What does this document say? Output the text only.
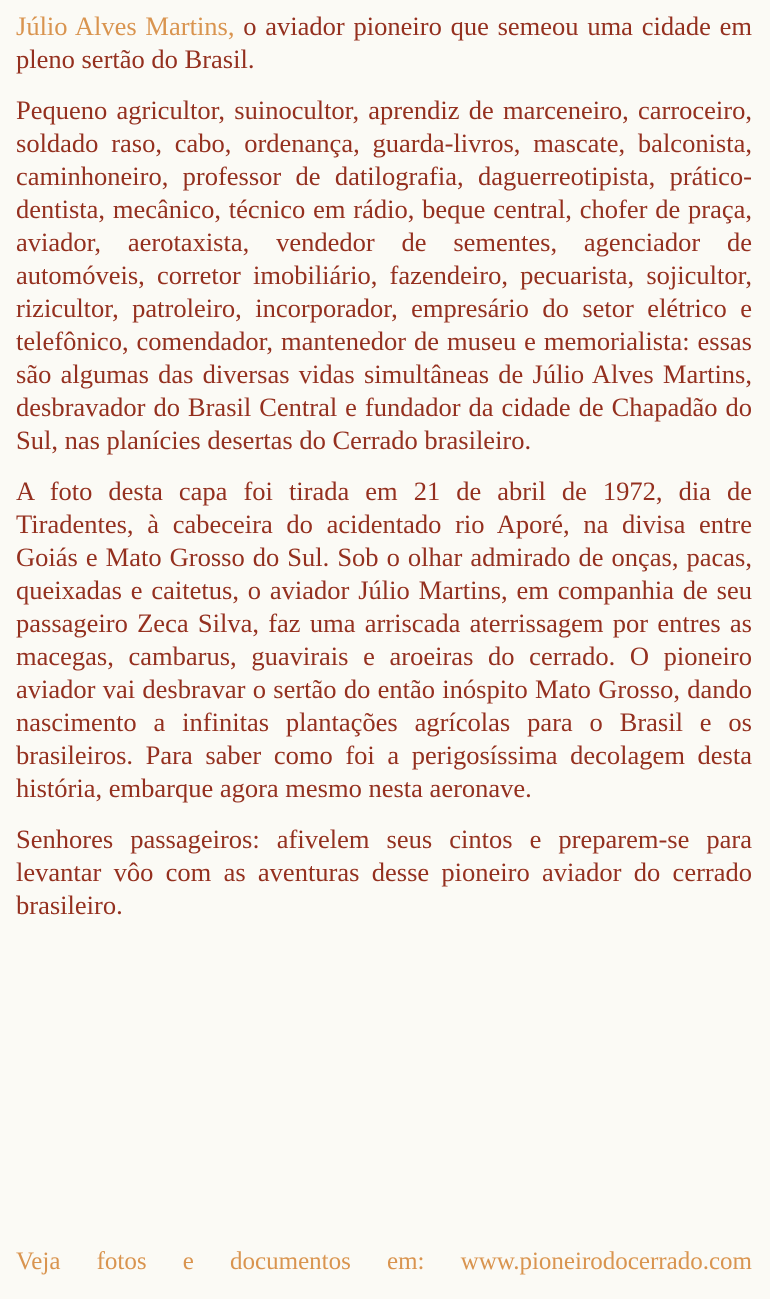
Júlio Alves Martins, o aviador pioneiro que semeou uma cidade em pleno sertão do Brasil.

Pequeno agricultor, suinocultor, aprendiz de marceneiro, carroceiro, soldado raso, cabo, ordenança, guarda-livros, mascate, balconista, caminhoneiro, professor de datilografia, daguerreotipista, prático-dentista, mecânico, técnico em rádio, beque central, chofer de praça, aviador, aerotaxista, vendedor de sementes, agenciador de automóveis, corretor imobiliário, fazendeiro, pecuarista, sojicultor, rizicultor, patroleiro, incorporador, empresário do setor elétrico e telefônico, comendador, mantenedor de museu e memorialista: essas são algumas das diversas vidas simultâneas de Júlio Alves Martins, desbravador do Brasil Central e fundador da cidade de Chapadão do Sul, nas planícies desertas do Cerrado brasileiro.

A foto desta capa foi tirada em 21 de abril de 1972, dia de Tiradentes, à cabeceira do acidentado rio Aporé, na divisa entre Goiás e Mato Grosso do Sul. Sob o olhar admirado de onças, pacas, queixadas e caitetus, o aviador Júlio Martins, em companhia de seu passageiro Zeca Silva, faz uma arriscada aterrissagem por entres as macegas, cambarus, guavirais e aroeiras do cerrado. O pioneiro aviador vai desbravar o sertão do então inóspito Mato Grosso, dando nascimento a infinitas plantações agrícolas para o Brasil e os brasileiros. Para saber como foi a perigosíssima decolagem desta história, embarque agora mesmo nesta aeronave.

Senhores passageiros: afivelem seus cintos e preparem-se para levantar vôo com as aventuras desse pioneiro aviador do cerrado brasileiro.

Veja fotos e documentos em: www.pioneirodocerrado.com
